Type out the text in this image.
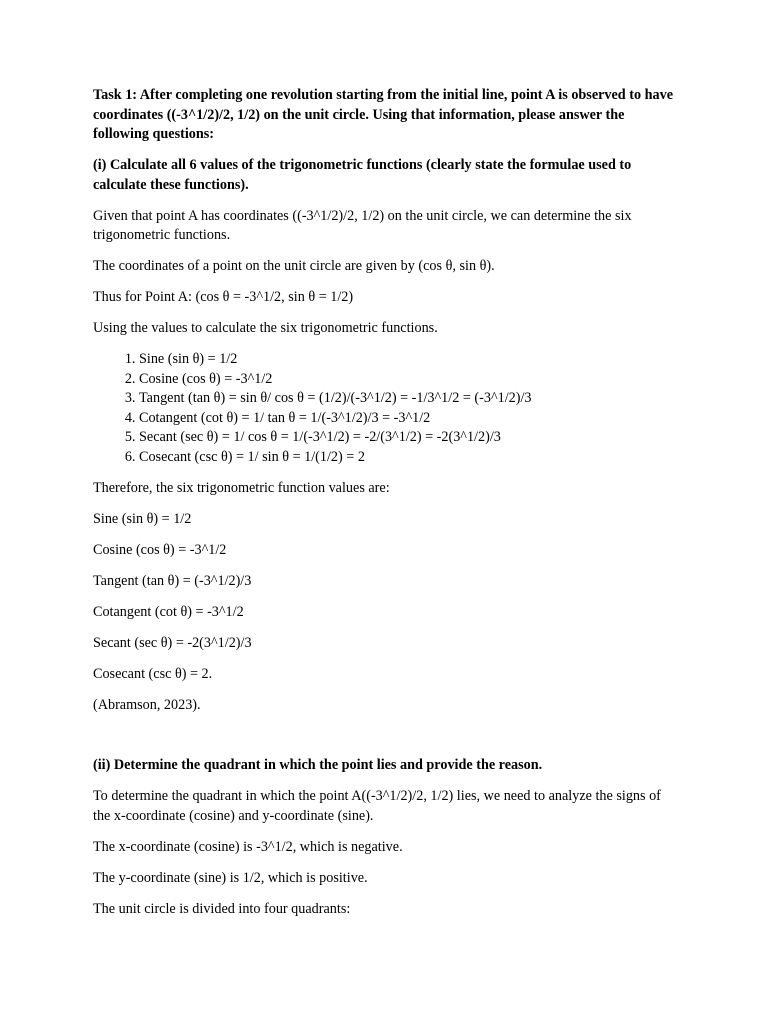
Task 1: After completing one revolution starting from the initial line, point A is observed to have coordinates ((-3^1/2)/2, 1/2) on the unit circle. Using that information, please answer the following questions:

(i) Calculate all 6 values of the trigonometric functions (clearly state the formulae used to calculate these functions).

Given that point A has coordinates ((-3^1/2)/2, 1/2) on the unit circle, we can determine the six trigonometric functions.

The coordinates of a point on the unit circle are given by (cos θ, sin θ).

Thus for Point A: (cos θ = -3^1/2, sin θ = 1/2)

Using the values to calculate the six trigonometric functions.

1. Sine (sin θ) = 1/2
2. Cosine (cos θ) = -3^1/2
3. Tangent (tan θ) = sin θ/ cos θ = (1/2)/(-3^1/2) = -1/3^1/2 = (-3^1/2)/3
4. Cotangent (cot θ) = 1/ tan θ = 1/(-3^1/2)/3 = -3^1/2
5. Secant (sec θ) = 1/ cos θ = 1/(-3^1/2) = -2/(3^1/2) = -2(3^1/2)/3
6. Cosecant (csc θ) = 1/ sin θ = 1/(1/2) = 2

Therefore, the six trigonometric function values are:

Sine (sin θ) = 1/2

Cosine (cos θ) = -3^1/2

Tangent (tan θ) = (-3^1/2)/3

Cotangent (cot θ) = -3^1/2

Secant (sec θ) = -2(3^1/2)/3

Cosecant (csc θ) = 2.

(Abramson, 2023).

(ii) Determine the quadrant in which the point lies and provide the reason.

To determine the quadrant in which the point A((-3^1/2)/2, 1/2) lies, we need to analyze the signs of the x-coordinate (cosine) and y-coordinate (sine).

The x-coordinate (cosine) is -3^1/2, which is negative.

The y-coordinate (sine) is 1/2, which is positive.

The unit circle is divided into four quadrants:
